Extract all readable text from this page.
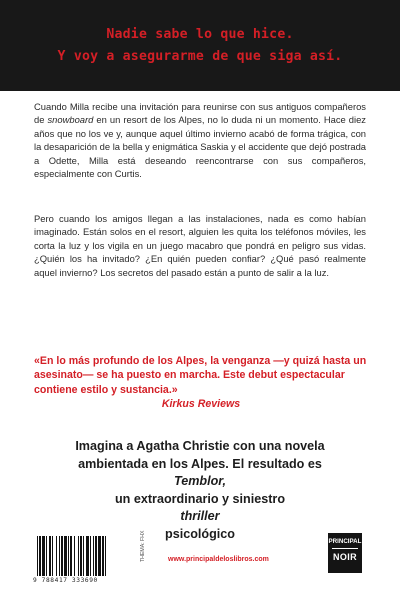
Nadie sabe lo que hice.
Y voy a asegurarme de que siga así.

Cuando Milla recibe una invitación para reunirse con sus antiguos compañeros de snowboard en un resort de los Alpes, no lo duda ni un momento. Hace diez años que no los ve y, aunque aquel último invierno acabó de forma trágica, con la desaparición de la bella y enigmática Saskia y el accidente que dejó postrada a Odette, Milla está deseando reencontrarse con sus compañeros, especialmente con Curtis.

Pero cuando los amigos llegan a las instalaciones, nada es como habían imaginado. Están solos en el resort, alguien les quita los teléfonos móviles, les corta la luz y los vigila en un juego macabro que pondrá en peligro sus vidas. ¿Quién los ha invitado? ¿En quién pueden confiar? ¿Qué pasó realmente aquel invierno? Los secretos del pasado están a punto de salir a la luz.

«En lo más profundo de los Alpes, la venganza —y quizá hasta un asesinato— se ha puesto en marcha. Este debut espectacular contiene estilo y sustancia.»
Kirkus Reviews

Imagina a Agatha Christie con una novela
ambientada en los Alpes. El resultado es
Temblor,
un extraordinario y siniestro
thriller
psicológico

9 788417 333690

THEMA: FHX	www.principaldeloslibros.com

PRINCIPAL
NOIR
